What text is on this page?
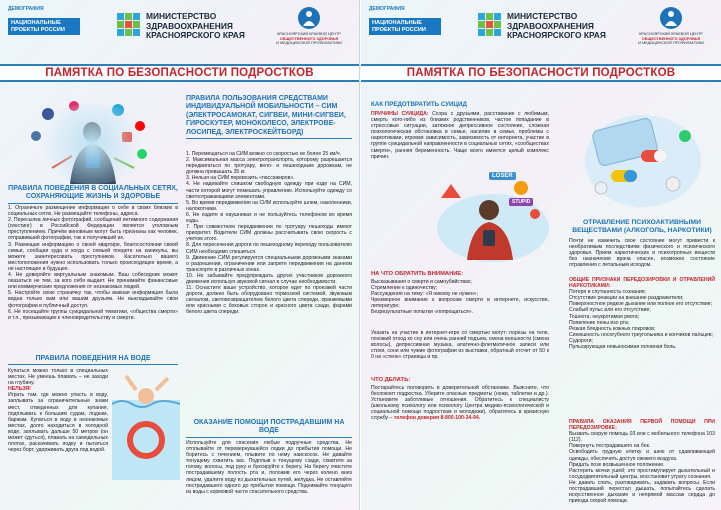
ДЕМОГРАФИЯ
НАЦИОНАЛЬНЫЕ ПРОЕКТЫ РОССИИ
МИНИСТЕРСТВО
ЗДРАВООХРАНЕНИЯ
КРАСНОЯРСКОГО КРАЯ	КРАСНОЯРСКИЙ КРАЕВОЙ ЦЕНТР
ОБЩЕСТВЕННОГО ЗДОРОВЬЯ
И МЕДИЦИНСКОЙ ПРОФИЛАКТИКИ
ПАМЯТКА ПО БЕЗОПАСНОСТИ ПОДРОСТКОВ
ПРАВИЛА ПОЛЬЗОВАНИЯ СРЕДСТВАМИ ИНДИВИДУАЛЬНОЙ МОБИЛЬНОСТИ – СИМ (ЭЛЕКТРОСАМОКАТ, СИГВЕИ, МИНИ-СИГВЕИ, ГИРОСКУТЕР, МОНОКОЛЕСО, ЭЛЕКТРОВЕ-ЛОСИПЕД, ЭЛЕКТРОСКЕЙТБОРД)

1. Перемещаться на СИМ можно со скоростью не более 25 км/ч.

2. Максимальная масса электротранспорта, которому разрешается передвигаться по тротуару, вело- и пешеходным дорожкам, не должна превышать 35 кг.

3. Нельзя на СИМ перевозить «пассажиров».

4. Не надевайте слишком свободную одежду при езде на СИМ, части которой могут помешать управлению. Используйте одежду со светоотражающими элементами.

5. Во время передвижения на СИМ используйте шлем, наколенники, налокотники.

6. Не ездите в наушниках и не пользуйтесь телефоном во время езды.

7. При совместном передвижении по тротуару пешеходы имеют приоритет. Водители СИМ должны рассчитывать свою скорость с учетом этого.

8. Для пересечения дороги по пешеходному переходу пользователю СИМ необходимо спешиться.

9. Движение СИМ регулируется специальными дорожными знаками о разрешении, ограничении или запрете передвижения на данном транспорте в различных зонах.

10. Не забывайте предупреждать других участников дорожного движения используя звуковой сигнал в случае необходимости.

11. Оснастите ваше устройство, которое едет по проезжей части дороги, должно быть оборудовано тормозной системой, звуковым сигналом, световозвращателем белого цвета спереди, оранжевыми или красными с боковых сторон и красного цвета сзади, фарами белого цвета спереди.

ПРАВИЛА ПОВЕДЕНИЯ В СОЦИАЛЬНЫХ СЕТЯХ, СОХРАНЯЮЩИЕ ЖИЗНЬ И ЗДОРОВЬЕ

1. Ограничьте размещение информации о себе в своих близких в социальных сетях. Не размещайте телефоны, адреса.

2. Пересылка личных фотографий, сообщений интимного содержания (секстинг) в Российской Федерации является уголовным преступлением. Причём виновным могут быть признаны как человек, отправивший фотографии, так и получивший их.

3. Размещая информацию о своей квартире, благосостоянии своей семьи, сообщая куда и когда с семьей поедете на каникулы, вы можете заинтересовать преступников. Касательно вашего местоположения нужно использовать только происходящее время, а не настоящее и будущее.

4. Не доверяйте виртуальным знакомым. Ваш собеседник может оказаться не тем, за кого себя выдает. Не принимайте финансовые или коммерческие предложения от незнакомых людей.

5. Настройте свою страничку так, чтобы важная информация была видна только вам или вашим друзьям. Не выкладывайте свои фотографии в публичный доступ.

6. Не посещайте группы суицидальной тематики, «общества смерти» и т.п., призывающие к членовредительству и смерти.

ПРАВИЛА ПОВЕДЕНИЯ НА ВОДЕ

Купаться можно только в специальных местах. Не умеешь плавать – не заходи на глубину.

НЕЛЬЗЯ!

Играть там, где можно упасть в воду, заплывать за ограничительные знаки мест, отведенных для купания, подплывать к большим судам, лодкам, баржам. Купаться в воду в незнакомых местах, долго находиться в холодной воде, заплывать дальше 50 метров (он может сдуться), плавать на самодельных плотах, раскачивать лодку и пытаться через борт, удерживать друга под водой.

ОКАЗАНИЕ ПОМОЩИ ПОСТРАДАВШИМ НА ВОДЕ
Используйте для спасения любые подручные средства. Не отплывайте от перевернувшейся лодки до прибытия помощи. Не боритесь с течением, плывите по нему наискосок. Не давайте тонущему схватить вас. Подплыв к тонущему сзади, схватите за голову, волосы, под руку и буксируйте к берегу. На берегу очистите пострадавшему полость рта и, положив его через колено вниз лицом, удалите воду из дыхательных путей, желудка. Не оставляйте пострадавшего одного до прибытия помощи. Поднимайте тонущего из воды с кормовой части спасательного средства.
ДЕМОГРАФИЯ
НАЦИОНАЛЬНЫЕ ПРОЕКТЫ РОССИИ
МИНИСТЕРСТВО
ЗДРАВООХРАНЕНИЯ
КРАСНОЯРСКОГО КРАЯ	КРАСНОЯРСКИЙ КРАЕВОЙ ЦЕНТР
ОБЩЕСТВЕННОГО ЗДОРОВЬЯ
И МЕДИЦИНСКОЙ ПРОФИЛАКТИКИ
ПАМЯТКА ПО БЕЗОПАСНОСТИ ПОДРОСТКОВ
КАК ПРЕДОТВРАТИТЬ СУИЦИД
ПРИЧИНЫ СУИЦИДА: Ссора с друзьями, расставание с любимым, смерть кого-либо из близких родственников, частое попадание в стрессовые ситуации, затяжное депрессивное состояние, сложная психологическая обстановка в семье, насилие в семье, проблемы с наркотиками, игровая зависимость, зависимость от интернета, участие в группе суицидальной направленности в социальных сетях, «сообществах смерти», ранняя беременность. Чаще всего имеется целый комплекс причин.
LOSER
STUPID
НА ЧТО ОБРАТИТЬ ВНИМАНИЕ:

Высказывания о смерти и самоубийствах;

Стремление к одиночеству;

Рассуждения на тему: «Я никому не нужен»;

Чрезмерное внимание к вопросам смерти в интернете, искусстве, литературе;

Безрезультатные попытки «попрощаться».

Указать на участие в интернет-игре со смертью могут: порезы на теле, похожий отход ко сну или очень ранний подъем, смена внешности (смена волосы), депрессивная музыка, апатично-флегматичное записи или стихи, сони или чужие фотографии из выставки, обратный отсчет от 50 к 0 на «стене» страницы и пр.
ЧТО ДЕЛАТЬ:
Постарайтесь поговорить в доверительной обстановке. Выясните, что беспокоит подростка. Уберите опасные предметы (ножи, таблетки и др.). Установите заботливые отношения. Обратитесь к специалисту (школьному психологу или психологу Центра медико-психологической и социальной помощи подросткам и молодежи), обратитесь в кризисную службу – телефон доверия 8-800-100-34-94.
ОТРАВЛЕНИЕ ПСИХОАКТИВНЫМИ ВЕЩЕСТВАМИ (АЛКОГОЛЬ, НАРКОТИКИ)
Почти не изменить свое состояние могут привести к необратимым последствиям физического и психического здоровья. Прием наркотических и психотропных веществ без назначения врача опасен, возможно состояние отравления с летальным исходом.

ОБЩИЕ ПРИЗНАКИ ПЕРЕДОЗИРОВКИ И ОТРАВЛЕНИЙ НАРКОТИКАМИ:

Потеря и спутанность сознания;

Отсутствие реакции на внешние раздражители;

Поверхностное редкое дыхание или полное его отсутствие;

Слабый пульс или его отсутствие;

Тошнота, неукротимая рвота;

Появление пены изо рта;

Резкая бледность кожных покровов;

Синюшность носогубного треугольника и кончиков пальцев;

Судороги;

Пульсирующая невыносимая головная боль.

ПРАВИЛА ОКАЗАНИЯ ПЕРВОЙ ПОМОЩИ ПРИ ПЕРЕДОЗИРОВКЕ:

Вызвать скорую помощь 03 или с мобильного телефона 103 (112).

Повернуть пострадавшего на бок.

Освободить грудную клетку и шею от сдавливающей одежды, обеспечить доступ свежего воздуха.

Придать позе возвышенное положение.

Растереть мочки ушей; это простимулирует дыхательный и сосудодвигательный центры, восстановит утрату сознания.

Не давать спать, разговаривать, задавать вопросы. Если пострадавший перестал дышать, попытайтесь сделать искусственное дыхание и непрямой массаж сердца до приезда скорой помощи.
